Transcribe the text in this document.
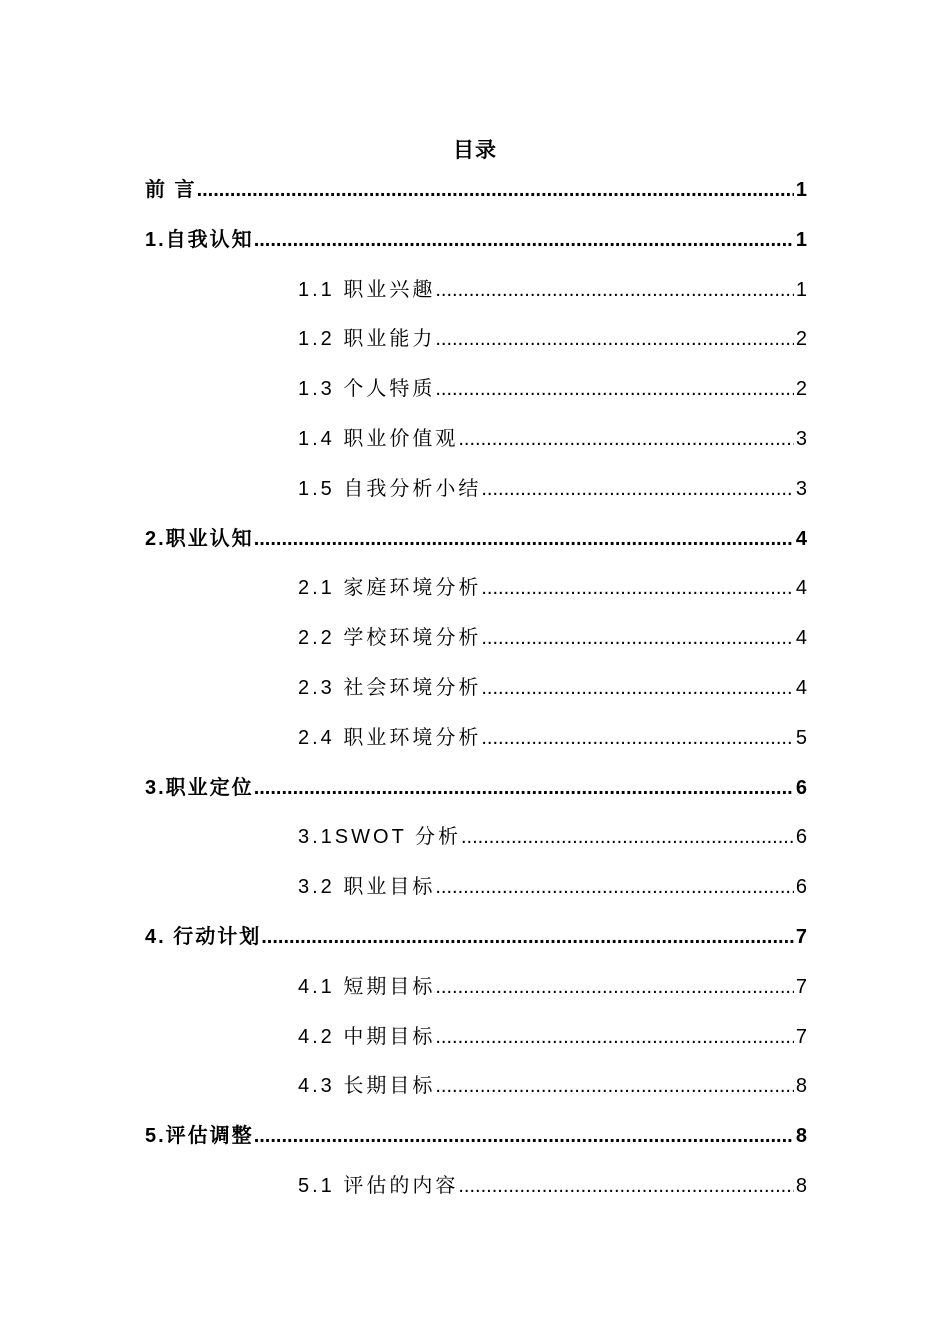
目录
前 言 .....	1
1.自我认知 .....	1
1.1 职业兴趣 .....	1
1.2 职业能力 .....	2
1.3 个人特质 .....	2
1.4 职业价值观 .....	3
1.5 自我分析小结 .....	3
2.职业认知 .....	4
2.1 家庭环境分析 .....	4
2.2 学校环境分析 .....	4
2.3 社会环境分析 .....	4
2.4 职业环境分析 .....	5
3.职业定位 .....	6
3.1SWOT 分析 .....	6
3.2 职业目标 .....	6
4. 行动计划 .....	7
4.1 短期目标 .....	7
4.2 中期目标 .....	7
4.3 长期目标 .....	8
5.评估调整 .....	8
5.1 评估的内容 .....	8
